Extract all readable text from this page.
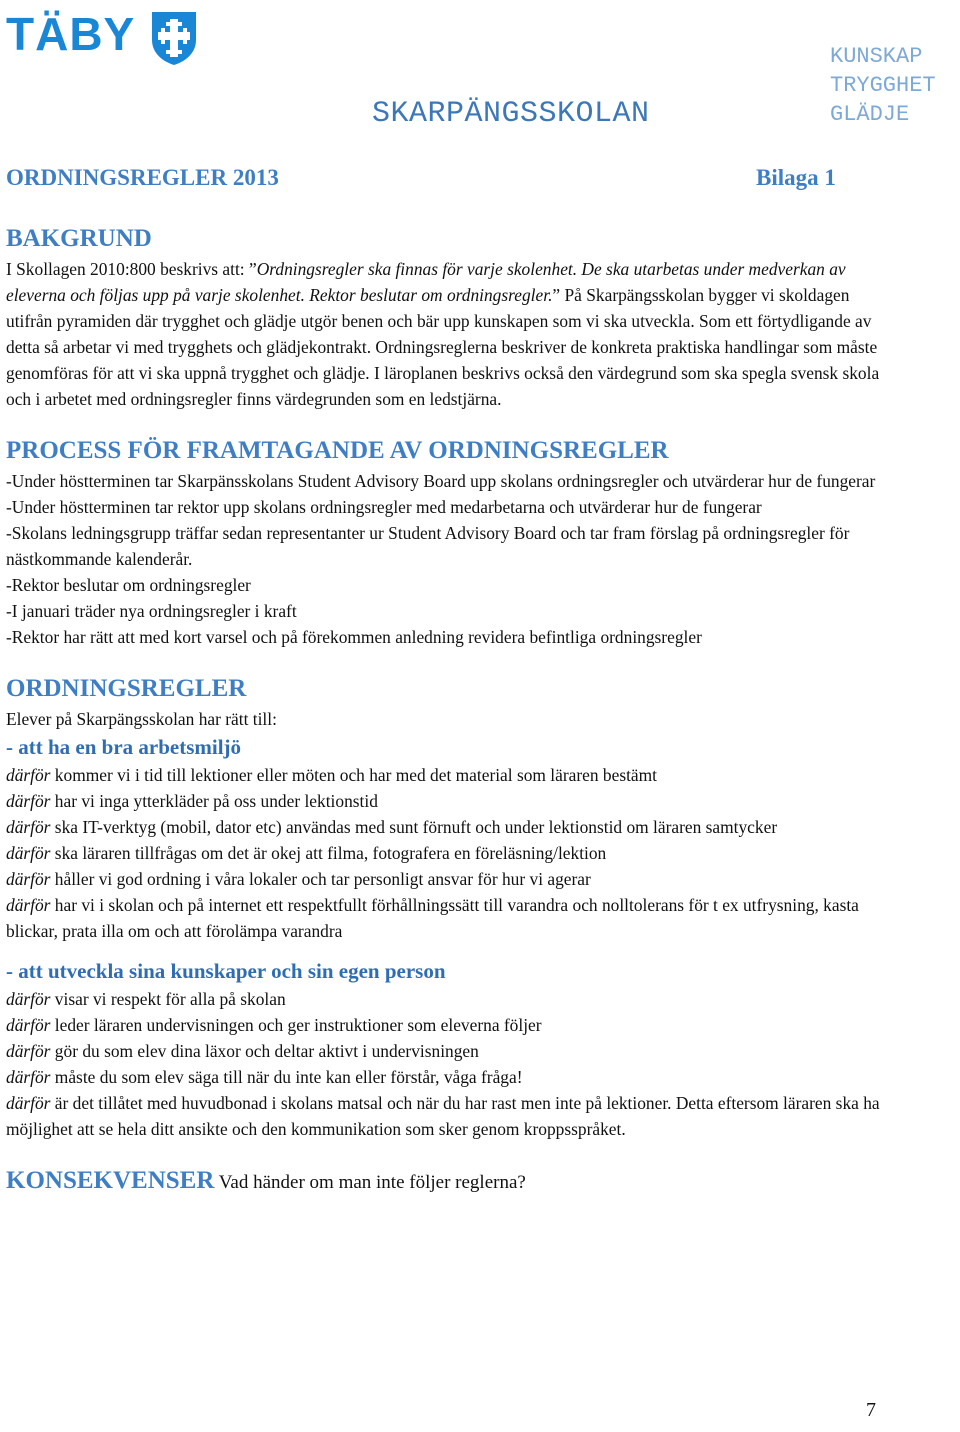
TÄBY
SKARPÄNGSSKOLAN
KUNSKAP
TRYGGHET
GLÄDJE
ORDNINGSREGLER 2013	Bilaga 1
BAKGRUND

I Skollagen 2010:800 beskrivs att: ”Ordningsregler ska finnas för varje skolenhet. De ska utarbetas under medverkan av eleverna och följas upp på varje skolenhet. Rektor beslutar om ordningsregler.” På Skarpängsskolan bygger vi skoldagen utifrån pyramiden där trygghet och glädje utgör benen och bär upp kunskapen som vi ska utveckla. Som ett förtydligande av detta så arbetar vi med trygghets och glädjekontrakt. Ordningsreglerna beskriver de konkreta praktiska handlingar som måste genomföras för att vi ska uppnå trygghet och glädje. I läroplanen beskrivs också den värdegrund som ska spegla svensk skola och i arbetet med ordningsregler finns värdegrunden som en ledstjärna.

PROCESS FÖR FRAMTAGANDE AV ORDNINGSREGLER

-Under höstterminen tar Skarpänsskolans Student Advisory Board upp skolans ordningsregler och utvärderar hur de fungerar

-Under höstterminen tar rektor upp skolans ordningsregler med medarbetarna och utvärderar hur de fungerar

-Skolans ledningsgrupp träffar sedan representanter ur Student Advisory Board och tar fram förslag på ordningsregler för nästkommande kalenderår.

-Rektor beslutar om ordningsregler

-I januari träder nya ordningsregler i kraft

-Rektor har rätt att med kort varsel och på förekommen anledning revidera befintliga ordningsregler

ORDNINGSREGLER

Elever på Skarpängsskolan har rätt till:

- att ha en bra arbetsmiljö

därför kommer vi i tid till lektioner eller möten och har med det material som läraren bestämt

därför har vi inga ytterkläder på oss under lektionstid

därför ska IT-verktyg (mobil, dator etc) användas med sunt förnuft och under lektionstid om läraren samtycker

därför ska läraren tillfrågas om det är okej att filma, fotografera en föreläsning/lektion

därför håller vi god ordning i våra lokaler och tar personligt ansvar för hur vi agerar

därför har vi i skolan och på internet ett respektfullt förhållningssätt till varandra och nolltolerans för t ex utfrysning, kasta blickar, prata illa om och att förolämpa varandra

- att utveckla sina kunskaper och sin egen person

därför visar vi respekt för alla på skolan

därför leder läraren undervisningen och ger instruktioner som eleverna följer

därför gör du som elev dina läxor och deltar aktivt i undervisningen

därför måste du som elev säga till när du inte kan eller förstår, våga fråga!

därför är det tillåtet med huvudbonad i skolans matsal och när du har rast men inte på lektioner. Detta eftersom läraren ska ha möjlighet att se hela ditt ansikte och den kommunikation som sker genom kroppsspråket.

KONSEKVENSER Vad händer om man inte följer reglerna?
7
